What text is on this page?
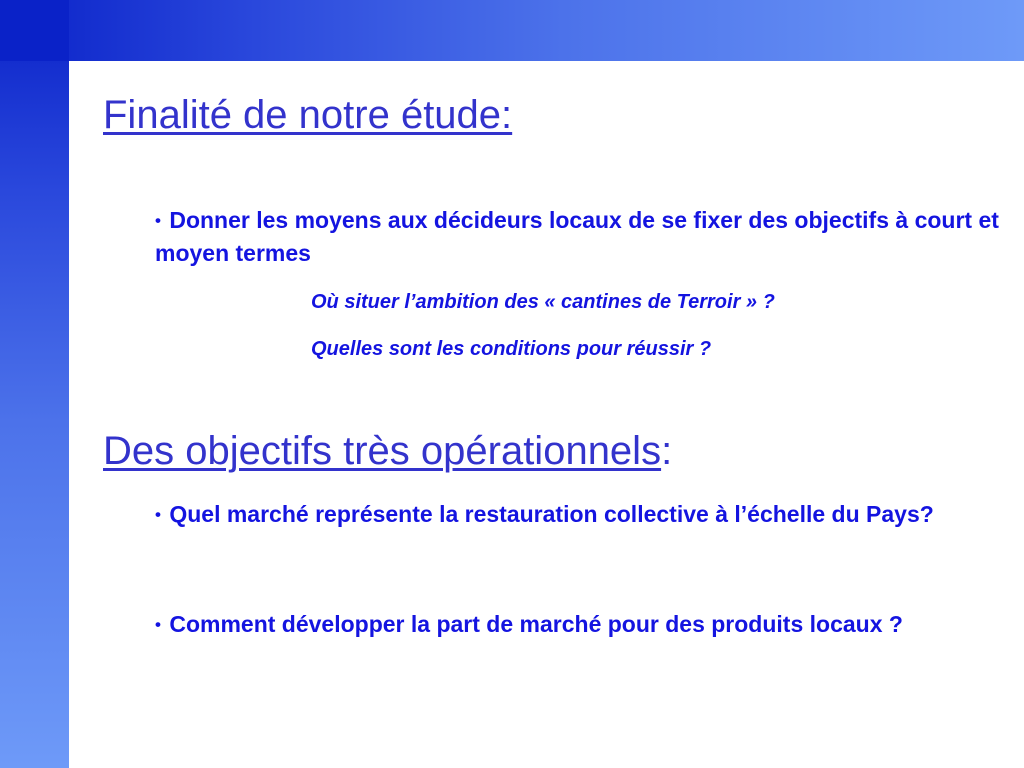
Finalité de notre étude:

• Donner les moyens aux décideurs locaux de se fixer des objectifs à court et moyen termes

Où situer l’ambition des « cantines de Terroir » ?

Quelles sont les conditions pour réussir ?

Des objectifs très opérationnels:

• Quel marché représente la restauration collective à l’échelle du Pays?

• Comment développer la part de marché pour des produits locaux ?
